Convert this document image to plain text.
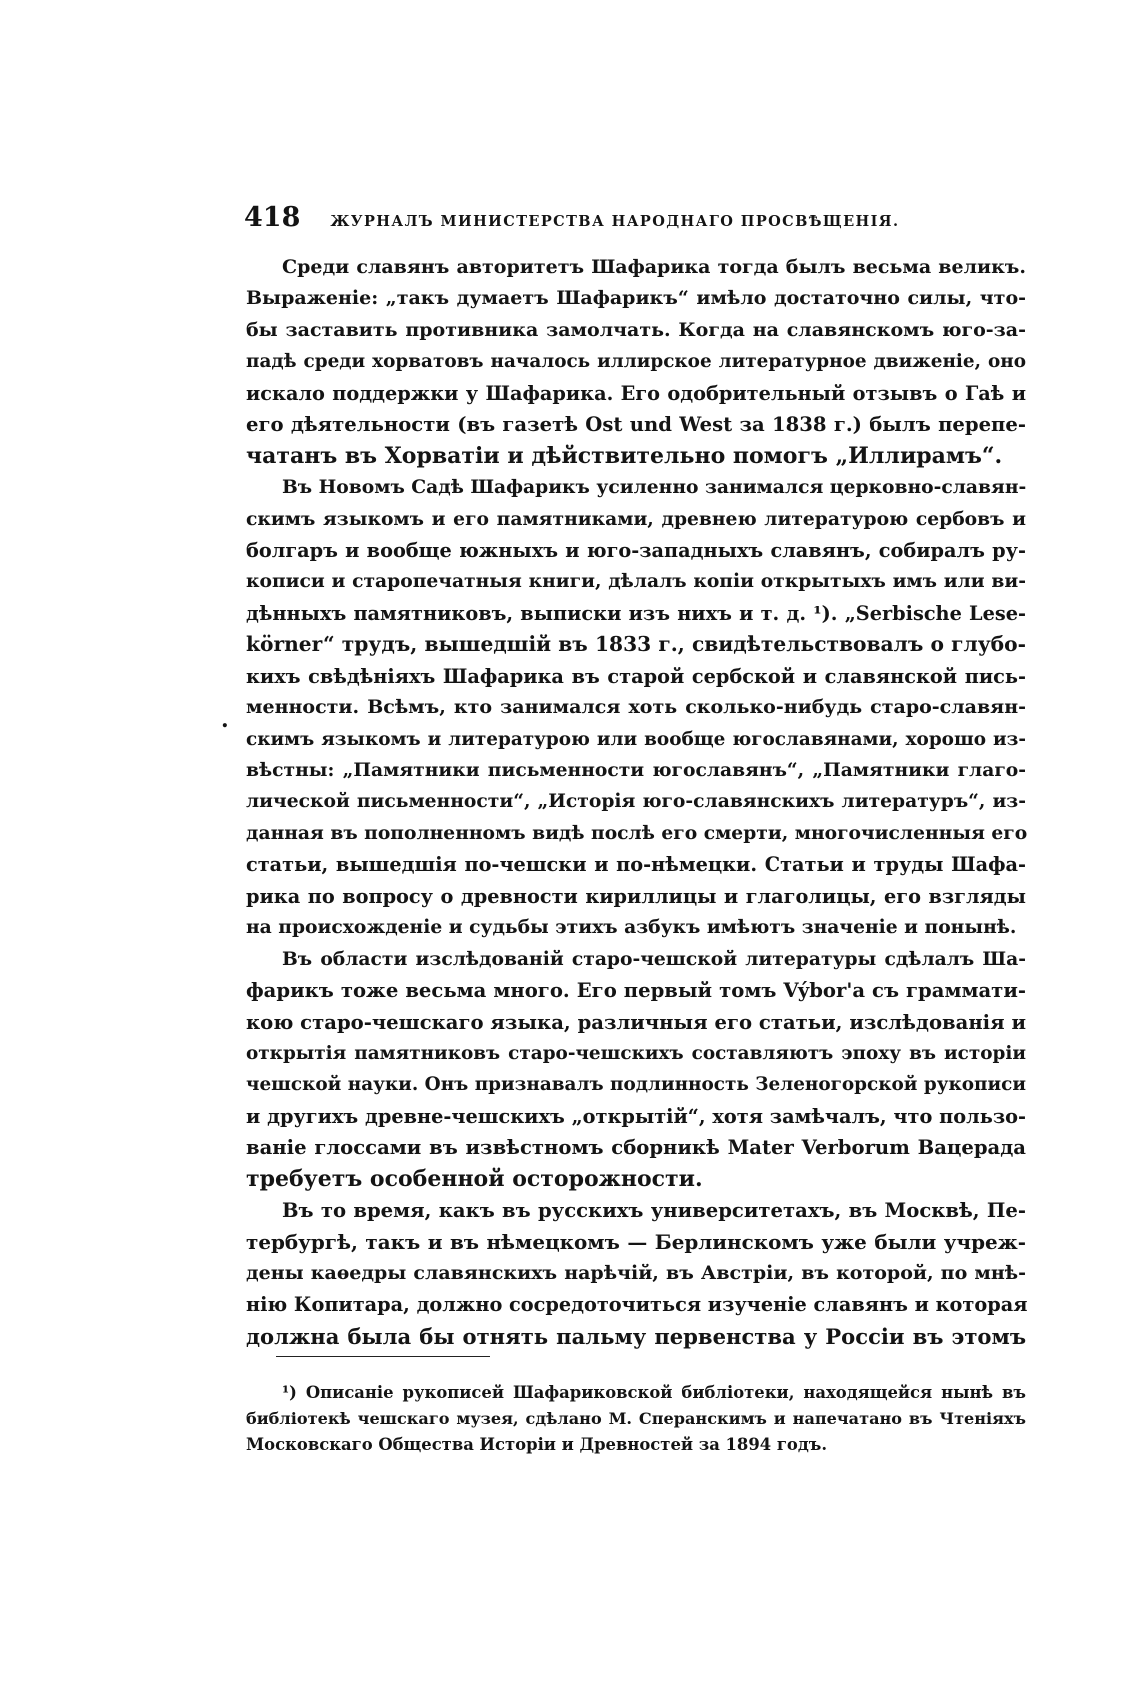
418 ЖУРНАЛЪ МИНИСТЕРСТВА НАРОДНАГО ПРОСВѢЩЕНІЯ.
.
Среди славянъ авторитетъ Шафарика тогда былъ весьма великъ.
Выраженіе: „такъ думаетъ Шафарикъ“ имѣло достаточно силы, что-
бы заставить противника замолчать. Когда на славянскомъ юго-за-
падѣ среди хорватовъ началось иллирское литературное движеніе, оно
искало поддержки у Шафарика. Его одобрительный отзывъ о Гаѣ и
его дѣятельности (въ газетѣ Ost und West за 1838 г.) былъ перепе-
чатанъ въ Хорватіи и дѣйствительно помогъ „Иллирамъ“.
Въ Новомъ Садѣ Шафарикъ усиленно занимался церковно-славян-
скимъ языкомъ и его памятниками, древнею литературою сербовъ и
болгаръ и вообще южныхъ и юго-западныхъ славянъ, собиралъ ру-
кописи и старопечатныя книги, дѣлалъ копіи открытыхъ имъ или ви-
дѣнныхъ памятниковъ, выписки изъ нихъ и т. д. ¹). „Serbische Lese-
körner“ трудъ, вышедшій въ 1833 г., свидѣтельствовалъ о глубо-
кихъ свѣдѣніяхъ Шафарика въ старой сербской и славянской пись-
менности. Всѣмъ, кто занимался хоть сколько-нибудь старо-славян-
скимъ языкомъ и литературою или вообще югославянами, хорошо из-
вѣстны: „Памятники письменности югославянъ“, „Памятники глаго-
лической письменности“, „Исторія юго-славянскихъ литературъ“, из-
данная въ пополненномъ видѣ послѣ его смерти, многочисленныя его
статьи, вышедшія по-чешски и по-нѣмецки. Статьи и труды Шафа-
рика по вопросу о древности кириллицы и глаголицы, его взгляды
на происхожденіе и судьбы этихъ азбукъ имѣютъ значеніе и понынѣ.
Въ области изслѣдованій старо-чешской литературы сдѣлалъ Ша-
фарикъ тоже весьма много. Его первый томъ Výbor'а съ граммати-
кою старо-чешскаго языка, различныя его статьи, изслѣдованія и
открытія памятниковъ старо-чешскихъ составляютъ эпоху въ исторіи
чешской науки. Онъ признавалъ подлинность Зеленогорской рукописи
и другихъ древне-чешскихъ „открытій“, хотя замѣчалъ, что пользо-
ваніе глоссами въ извѣстномъ сборникѣ Mater Verborum Вацерада
требуетъ особенной осторожности.
Въ то время, какъ въ русскихъ университетахъ, въ Москвѣ, Пе-
тербургѣ, такъ и въ нѣмецкомъ — Берлинскомъ уже были учреж-
дены каѳедры славянскихъ нарѣчій, въ Австріи, въ которой, по мнѣ-
нію Копитара, должно сосредоточиться изученіе славянъ и которая
должна была бы отнять пальму первенства у Россіи въ этомъ
¹) Описаніе рукописей Шафариковской библіотеки, находящейся нынѣ въ
библіотекѣ чешскаго музея, сдѣлано М. Сперанскимъ и напечатано въ Чтеніяхъ
Московскаго Общества Исторіи и Древностей за 1894 годъ.
